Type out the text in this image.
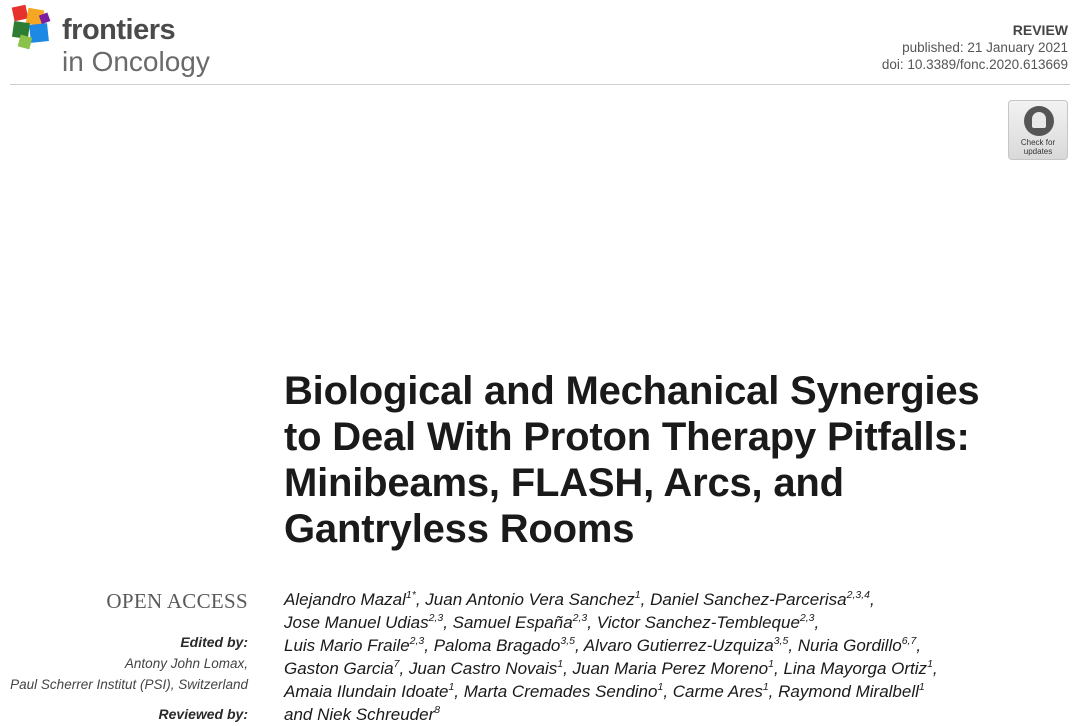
frontiers
in Oncology
REVIEW
published: 21 January 2021
doi: 10.3389/fonc.2020.613669
Check for
updates
Biological and Mechanical Synergies
to Deal With Proton Therapy Pitfalls:
Minibeams, FLASH, Arcs, and
Gantryless Rooms
OPEN ACCESS
Edited by:
Antony John Lomax,
Paul Scherrer Institut (PSI), Switzerland
Reviewed by:
Alejandro Mazal$^{1*}$, Juan Antonio Vera Sanchez$^1$, Daniel Sanchez-Parcerisa$^{2,3,4}$,
Jose Manuel Udias$^{2,3}$, Samuel España$^{2,3}$, Victor Sanchez-Tembleque$^{2,3}$,
Luis Mario Fraile$^{2,3}$, Paloma Bragado$^{3,5}$, Alvaro Gutierrez-Uzquiza$^{3,5}$, Nuria Gordillo$^{6,7}$,
Gaston Garcia$^7$, Juan Castro Novais$^1$, Juan Maria Perez Moreno$^1$, Lina Mayorga Ortiz$^1$,
Amaia Ilundain Idoate$^1$, Marta Cremades Sendino$^1$, Carme Ares$^1$, Raymond Miralbell$^1$
and Niek Schreuder$^8$
